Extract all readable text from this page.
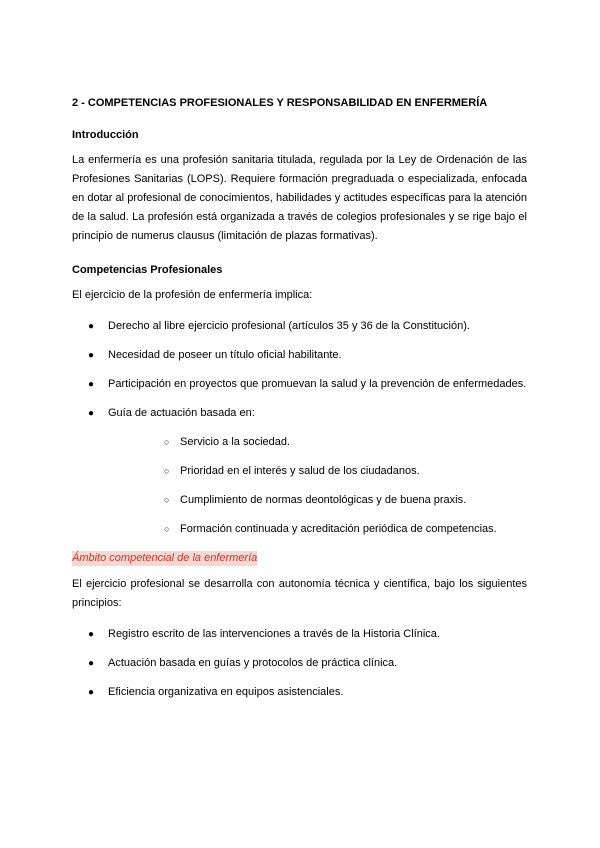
2 - COMPETENCIAS PROFESIONALES Y RESPONSABILIDAD EN ENFERMERÍA
Introducción

La enfermería es una profesión sanitaria titulada, regulada por la Ley de Ordenación de las Profesiones Sanitarias (LOPS). Requiere formación pregraduada o especializada, enfocada en dotar al profesional de conocimientos, habilidades y actitudes específicas para la atención de la salud. La profesión está organizada a través de colegios profesionales y se rige bajo el principio de numerus clausus (limitación de plazas formativas).

Competencias Profesionales

El ejercicio de la profesión de enfermería implica:

● Derecho al libre ejercicio profesional (artículos 35 y 36 de la Constitución).
● Necesidad de poseer un título oficial habilitante.
● Participación en proyectos que promuevan la salud y la prevención de enfermedades.
● Guía de actuación basada en:
○ Servicio a la sociedad.
○ Prioridad en el interés y salud de los ciudadanos.
○ Cumplimiento de normas deontológicas y de buena praxis.
○ Formación continuada y acreditación periódica de competencias.
Ámbito competencial de la enfermería

El ejercicio profesional se desarrolla con autonomía técnica y científica, bajo los siguientes principios:

● Registro escrito de las intervenciones a través de la Historia Clínica.
● Actuación basada en guías y protocolos de práctica clínica.
● Eficiencia organizativa en equipos asistenciales.
